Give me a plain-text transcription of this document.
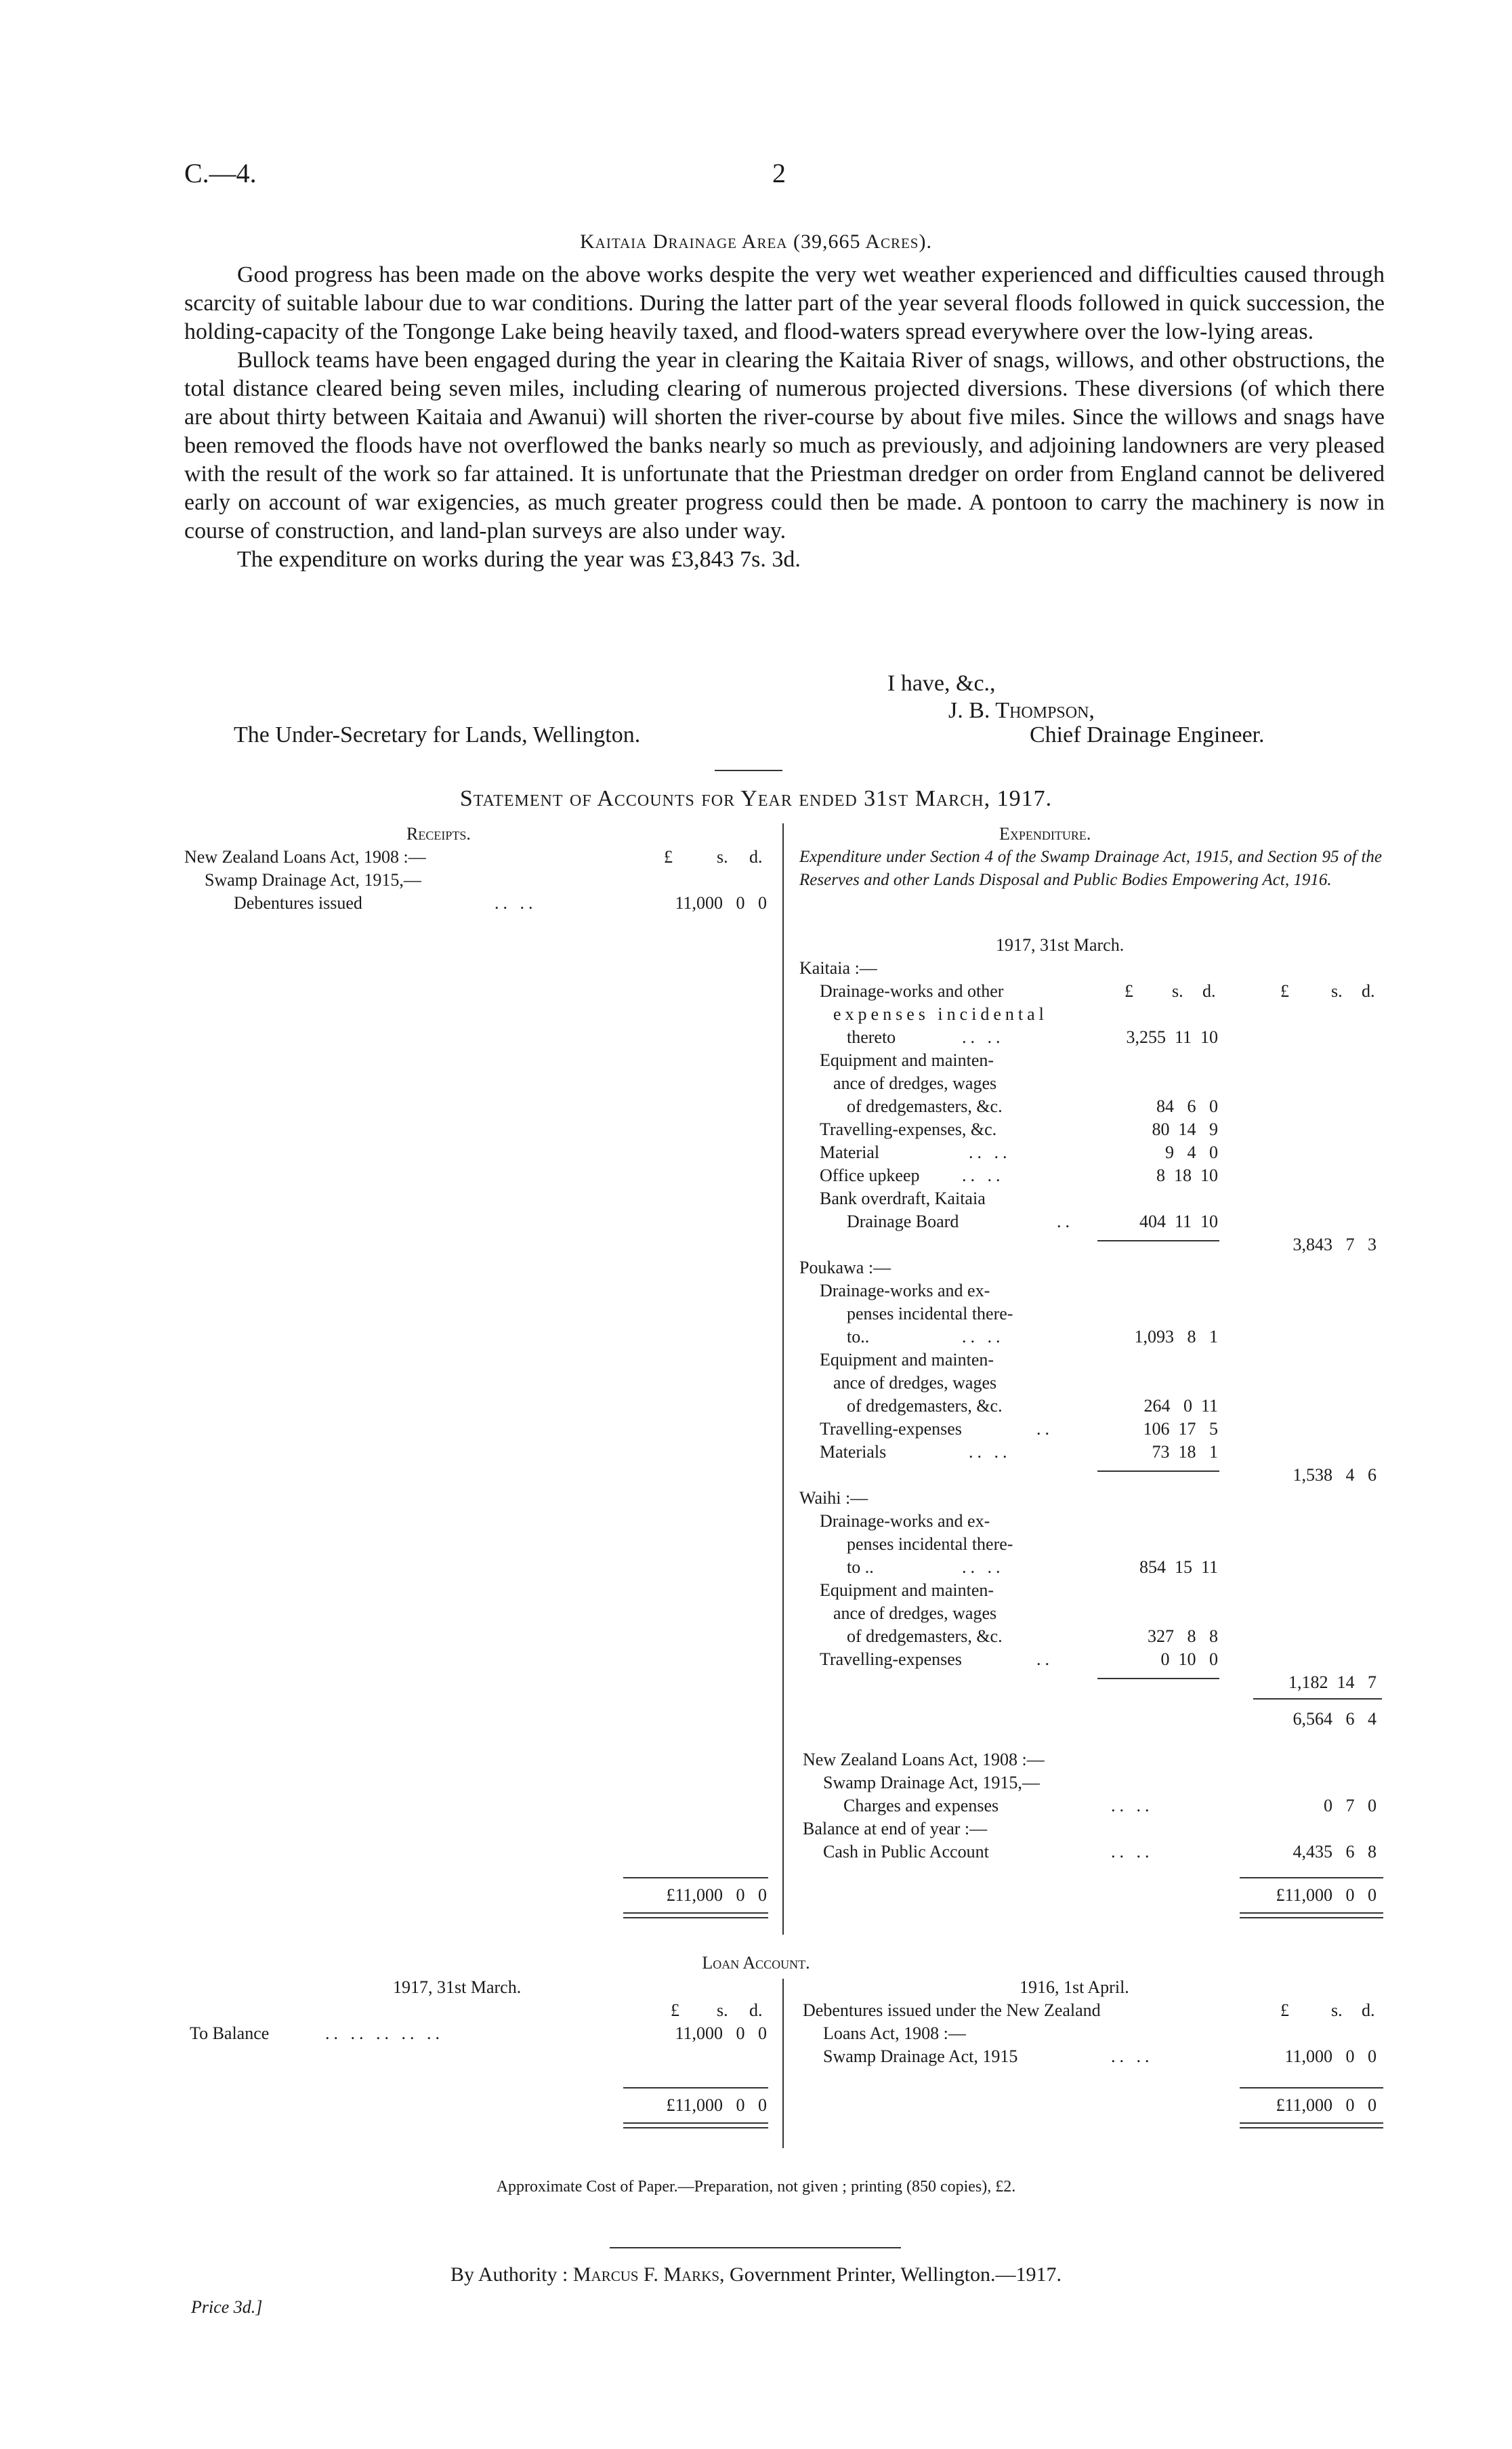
C.—4.	2
Kaitaia Drainage Area (39,665 Acres).

Good progress has been made on the above works despite the very wet weather experienced and difficulties caused through scarcity of suitable labour due to war conditions. During the latter part of the year several floods followed in quick succession, the holding-capacity of the Tongonge Lake being heavily taxed, and flood-waters spread everywhere over the low-lying areas.

Bullock teams have been engaged during the year in clearing the Kaitaia River of snags, willows, and other obstructions, the total distance cleared being seven miles, including clearing of numerous projected diversions. These diversions (of which there are about thirty between Kaitaia and Awanui) will shorten the river-course by about five miles. Since the willows and snags have been removed the floods have not overflowed the banks nearly so much as previously, and adjoining landowners are very pleased with the result of the work so far attained. It is unfortunate that the Priestman dredger on order from England cannot be delivered early on account of war exigencies, as much greater progress could then be made. A pontoon to carry the machinery is now in course of construction, and land-plan surveys are also under way.

The expenditure on works during the year was £3,843 7s. 3d.

I have, &c.,
J. B. Thompson,
The Under-Secretary for Lands, Wellington.	Chief Drainage Engineer.
Statement of Accounts for Year ended 31st March, 1917.
Receipts.
New Zealand Loans Act, 1908 :—	£	s. d.
Swamp Drainage Act, 1915,—
Debentures issued	.. ..	11,000   0   0
£11,000   0   0
Expenditure.
Expenditure under Section 4 of the Swamp Drainage Act, 1915, and Section 95 of the Reserves and other Lands Disposal and Public Bodies Empowering Act, 1916.
1917, 31st March.
Kaitaia :—
Drainage-works and other	£ s. d.	£ s. d.
expenses incidental
thereto	.. ..	3,255  11  10
Equipment and mainten-
ance of dredges, wages
of dredgemasters, &c.	84   6   0
Travelling-expenses, &c.	80  14   9
Material	.. ..	9   4   0
Office upkeep .. ..	8  18  10
Bank overdraft, Kaitaia
Drainage Board	..	404  11  10
3,843   7   3
Poukawa :—
Drainage-works and ex-
penses incidental there-
to..	.. ..	1,093   8   1
Equipment and mainten-
ance of dredges, wages
of dredgemasters, &c.	264   0  11
Travelling-expenses	..	106  17   5
Materials	.. ..	73  18   1
1,538   4   6
Waihi :—
Drainage-works and ex-
penses incidental there-
to ..	.. ..	854  15  11
Equipment and mainten-
ance of dredges, wages
of dredgemasters, &c.	327   8   8
Travelling-expenses	..	0  10   0
1,182  14   7
6,564   6   4
New Zealand Loans Act, 1908 :—
Swamp Drainage Act, 1915,—
Charges and expenses	.. ..	0   7   0
Balance at end of year :—
Cash in Public Account	.. ..	4,435   6   8
£11,000   0   0
Loan Account.
1917, 31st March.
£ s. d.
To Balance	.. .. .. .. ..	11,000   0   0
£11,000   0   0
1916, 1st April.
Debentures issued under the New Zealand	£ s. d.
Loans Act, 1908 :—
Swamp Drainage Act, 1915	.. ..	11,000   0   0
£11,000   0   0
Approximate Cost of Paper.—Preparation, not given ; printing (850 copies), £2.
By Authority : Marcus F. Marks, Government Printer, Wellington.—1917.
Price 3d.]
